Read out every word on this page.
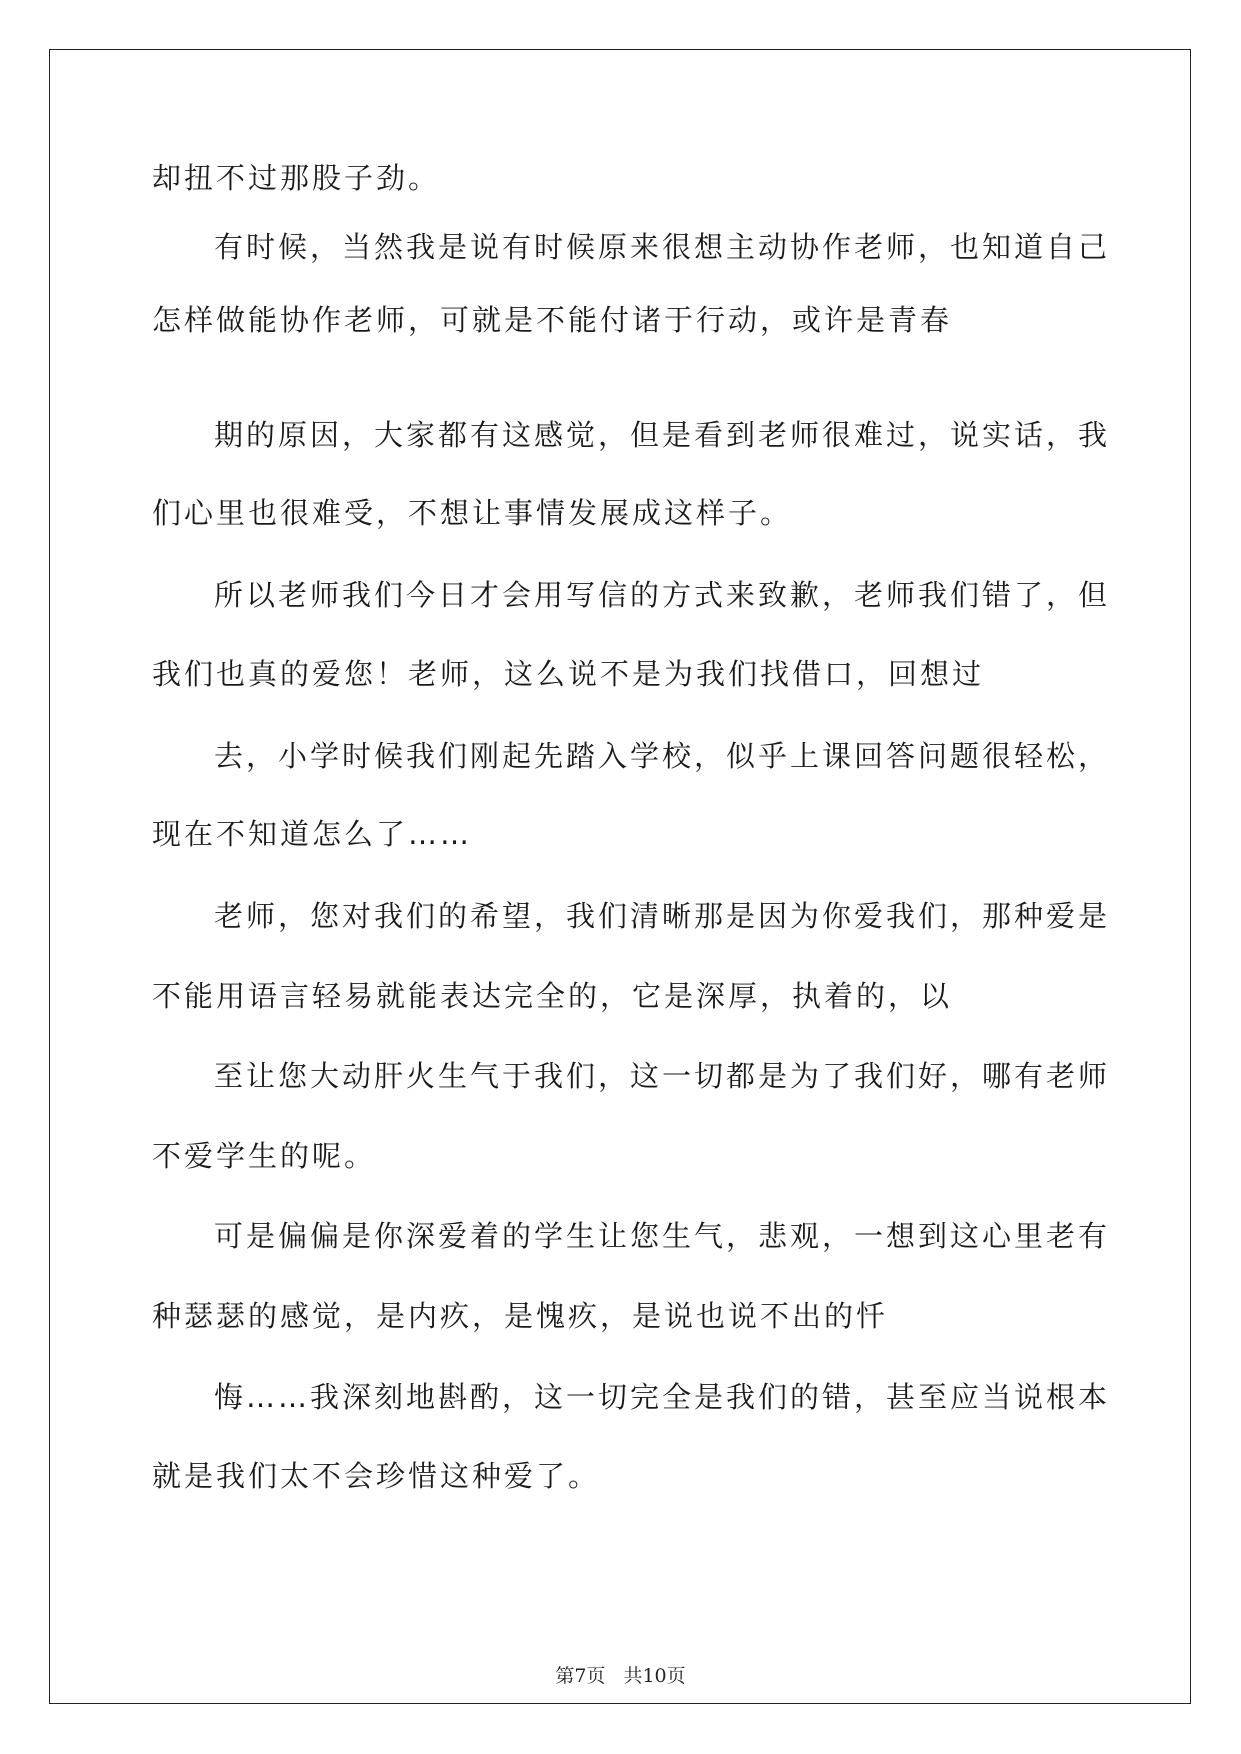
却扭不过那股子劲。
有时候，当然我是说有时候原来很想主动协作老师，也知道自己
怎样做能协作老师，可就是不能付诸于行动，或许是青春
期的原因，大家都有这感觉，但是看到老师很难过，说实话，我
们心里也很难受，不想让事情发展成这样子。
所以老师我们今日才会用写信的方式来致歉，老师我们错了，但
我们也真的爱您！老师，这么说不是为我们找借口，回想过
去，小学时候我们刚起先踏入学校，似乎上课回答问题很轻松，
现在不知道怎么了……
老师，您对我们的希望，我们清晰那是因为你爱我们，那种爱是
不能用语言轻易就能表达完全的，它是深厚，执着的，以
至让您大动肝火生气于我们，这一切都是为了我们好，哪有老师
不爱学生的呢。
可是偏偏是你深爱着的学生让您生气，悲观，一想到这心里老有
种瑟瑟的感觉，是内疚，是愧疚，是说也说不出的忏
悔……我深刻地斟酌，这一切完全是我们的错，甚至应当说根本
就是我们太不会珍惜这种爱了。
第7页 共10页
